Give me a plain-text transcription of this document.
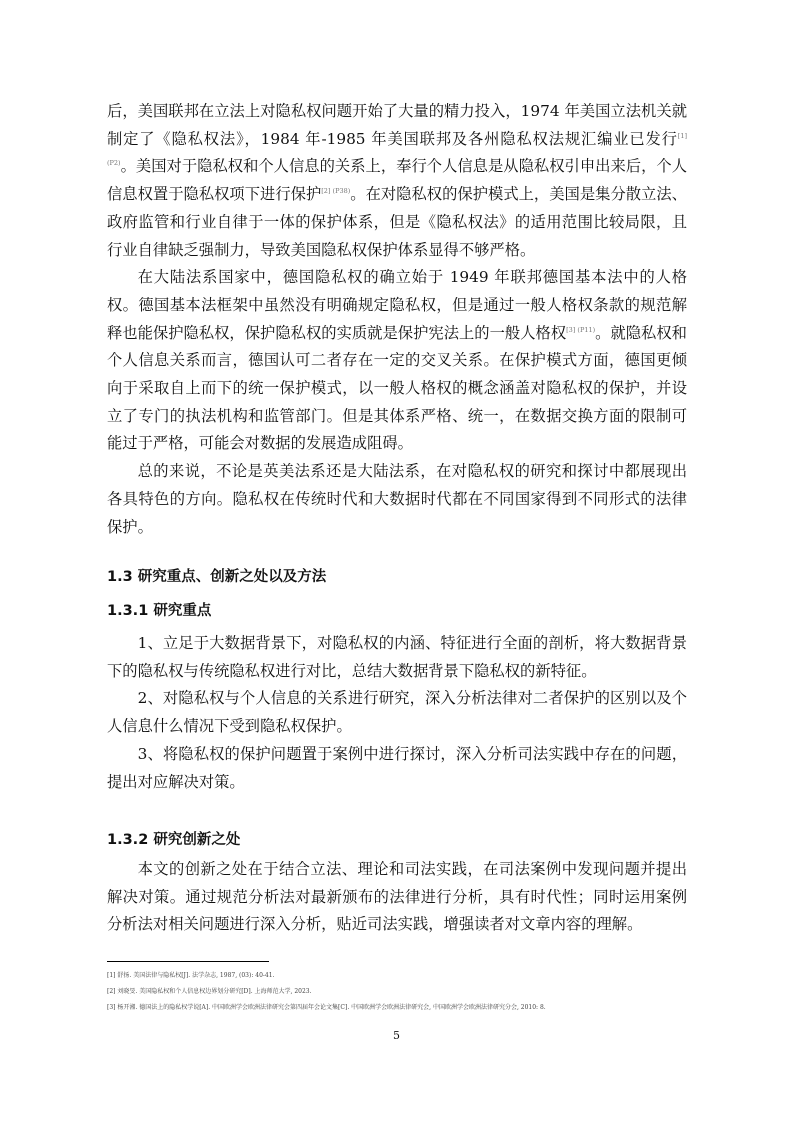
后，美国联邦在立法上对隐私权问题开始了大量的精力投入，1974 年美国立法机关就制定了《隐私权法》，1984 年-1985 年美国联邦及各州隐私权法规汇编业已发行$^{[1] (P2)}$。美国对于隐私权和个人信息的关系上，奉行个人信息是从隐私权引申出来后，个人信息权置于隐私权项下进行保护$^{[2] (P38)}$。在对隐私权的保护模式上，美国是集分散立法、政府监管和行业自律于一体的保护体系，但是《隐私权法》的适用范围比较局限，且行业自律缺乏强制力，导致美国隐私权保护体系显得不够严格。

在大陆法系国家中，德国隐私权的确立始于 1949 年联邦德国基本法中的人格权。德国基本法框架中虽然没有明确规定隐私权，但是通过一般人格权条款的规范解释也能保护隐私权，保护隐私权的实质就是保护宪法上的一般人格权$^{[3] (P11)}$。就隐私权和个人信息关系而言，德国认可二者存在一定的交叉关系。在保护模式方面，德国更倾向于采取自上而下的统一保护模式，以一般人格权的概念涵盖对隐私权的保护，并设立了专门的执法机构和监管部门。但是其体系严格、统一，在数据交换方面的限制可能过于严格，可能会对数据的发展造成阻碍。

总的来说，不论是英美法系还是大陆法系，在对隐私权的研究和探讨中都展现出各具特色的方向。隐私权在传统时代和大数据时代都在不同国家得到不同形式的法律保护。

1.3 研究重点、创新之处以及方法
1.3.1 研究重点

1、立足于大数据背景下，对隐私权的内涵、特征进行全面的剖析，将大数据背景下的隐私权与传统隐私权进行对比，总结大数据背景下隐私权的新特征。

2、对隐私权与个人信息的关系进行研究，深入分析法律对二者保护的区别以及个人信息什么情况下受到隐私权保护。

3、将隐私权的保护问题置于案例中进行探讨，深入分析司法实践中存在的问题，提出对应解决对策。

1.3.2 研究创新之处

本文的创新之处在于结合立法、理论和司法实践，在司法案例中发现问题并提出解决对策。通过规范分析法对最新颁布的法律进行分析，具有时代性；同时运用案例分析法对相关问题进行深入分析，贴近司法实践，增强读者对文章内容的理解。

[1] 舒扬. 美国法律与隐私权[J]. 法学杂志, 1987, (03): 40-41.
[2] 刘晓旻. 美国隐私权和个人信息权边界划分研究[D]. 上海师范大学, 2023.
[3] 杨开湘. 德国法上的隐私权学说[A]. 中国欧洲学会欧洲法律研究会第四届年会论文集[C]. 中国欧洲学会欧洲法律研究会, 中国欧洲学会欧洲法律研究分会, 2010: 8.
5
